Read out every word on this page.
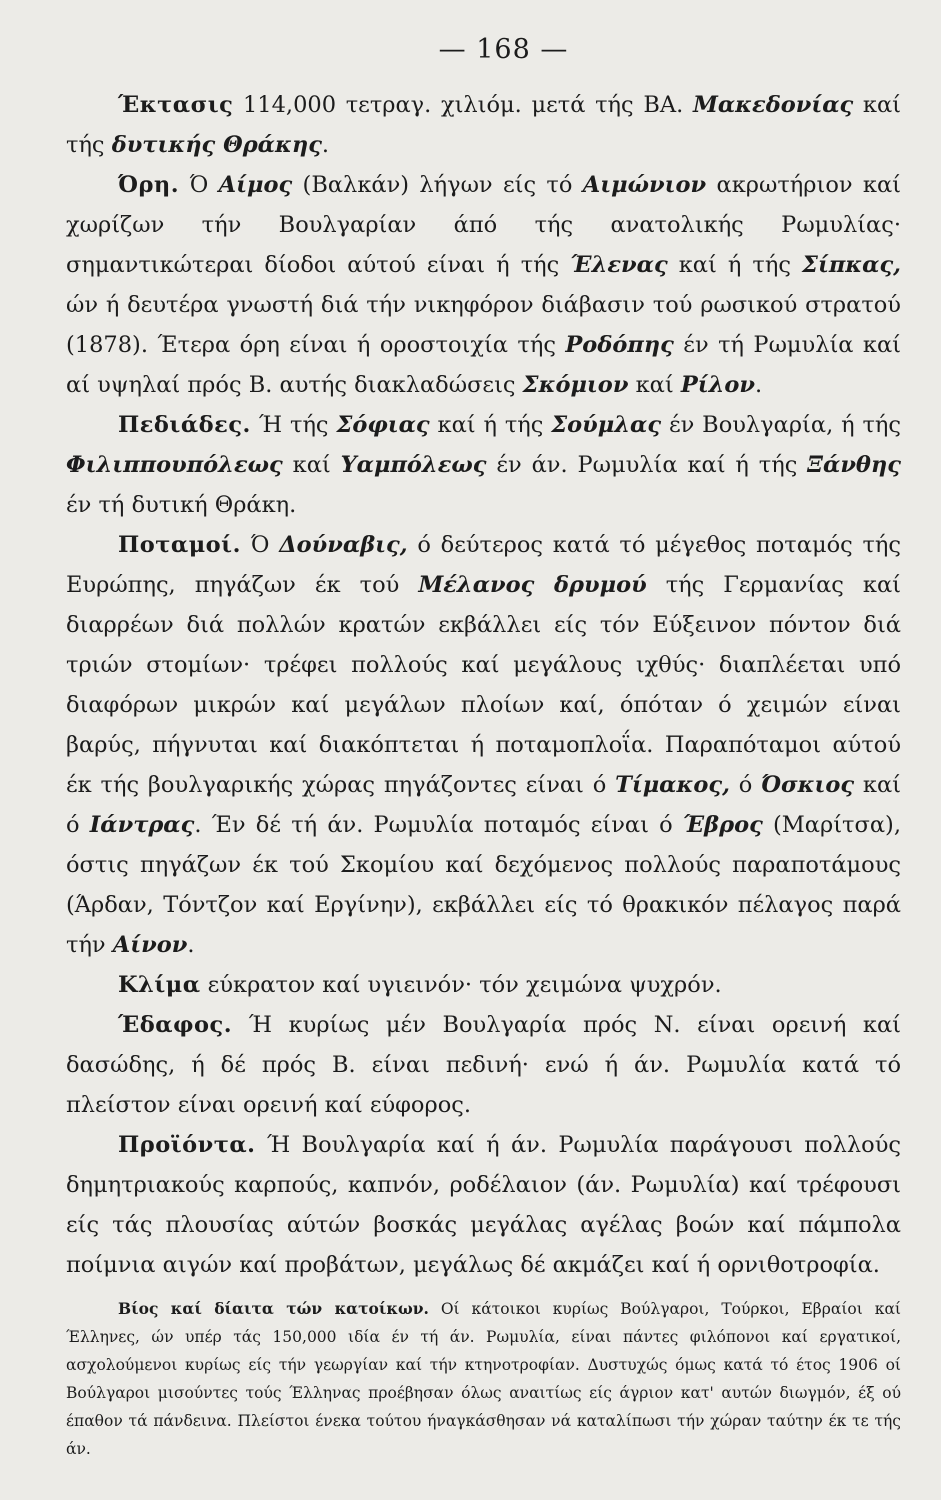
— 168 —

Έκτασις 114,000 τετραγ. χιλιόμ. μετά τής ΒΑ. Μακεδονίας καί τής δυτικής Θράκης.

Όρη. Ό Αίμος (Βαλκάν) λήγων είς τό Αιμώνιον ακρωτήριον καί χωρίζων τήν Βουλγαρίαν άπό τής ανατολικής Ρωμυλίας· σημαντικώτεραι δίοδοι αύτού είναι ή τής Έλενας καί ή τής Σίπκας, ών ή δευτέρα γνωστή διά τήν νικηφόρον διάβασιν τού ρωσικού στρατού (1878). Έτερα όρη είναι ή οροστοιχία τής Ροδόπης έν τή Ρωμυλία καί αί υψηλαί πρός Β. αυτής διακλαδώσεις Σκόμιον καί Ρίλον.

Πεδιάδες. Ή τής Σόφιας καί ή τής Σούμλας έν Βουλγαρία, ή τής Φιλιππουπόλεως καί Υαμπόλεως έν άν. Ρωμυλία καί ή τής Ξάνθης έν τή δυτική Θράκη.

Ποταμοί. Ό Δούναβις, ό δεύτερος κατά τό μέγεθος ποταμός τής Ευρώπης, πηγάζων έκ τού Μέλανος δρυμού τής Γερμανίας καί διαρρέων διά πολλών κρατών εκβάλλει είς τόν Εύξεινον πόντον διά τριών στομίων· τρέφει πολλούς καί μεγάλους ιχθύς· διαπλέεται υπό διαφόρων μικρών καί μεγάλων πλοίων καί, όπόταν ό χειμών είναι βαρύς, πήγνυται καί διακόπτεται ή ποταμοπλοΐα. Παραπόταμοι αύτού έκ τής βουλγαρικής χώρας πηγάζοντες είναι ό Τίμακος, ό Όσκιος καί ό Ιάντρας. Έν δέ τή άν. Ρωμυλία ποταμός είναι ό Έβρος (Μαρίτσα), όστις πηγάζων έκ τού Σκομίου καί δεχόμενος πολλούς παραποτάμους (Άρδαν, Τόντζον καί Εργίνην), εκβάλλει είς τό θρακικόν πέλαγος παρά τήν Αίνον.

Κλίμα εύκρατον καί υγιεινόν· τόν χειμώνα ψυχρόν.

Έδαφος. Ή κυρίως μέν Βουλγαρία πρός Ν. είναι ορεινή καί δασώδης, ή δέ πρός Β. είναι πεδινή· ενώ ή άν. Ρωμυλία κατά τό πλείστον είναι ορεινή καί εύφορος.

Προϊόντα. Ή Βουλγαρία καί ή άν. Ρωμυλία παράγουσι πολλούς δημητριακούς καρπούς, καπνόν, ροδέλαιον (άν. Ρωμυλία) καί τρέφουσι είς τάς πλουσίας αύτών βοσκάς μεγάλας αγέλας βοών καί πάμπολα ποίμνια αιγών καί προβάτων, μεγάλως δέ ακμάζει καί ή ορνιθοτροφία.

Βίος καί δίαιτα τών κατοίκων. Οί κάτοικοι κυρίως Βούλγαροι, Τούρκοι, Εβραίοι καί Έλληνες, ών υπέρ τάς 150,000 ιδία έν τή άν. Ρωμυλία, είναι πάντες φιλόπονοι καί εργατικοί, ασχολούμενοι κυρίως είς τήν γεωργίαν καί τήν κτηνοτροφίαν. Δυστυχώς όμως κατά τό έτος 1906 οί Βούλγαροι μισούντες τούς Έλληνας προέβησαν όλως αναιτίως είς άγριον κατ' αυτών διωγμόν, έξ ού έπαθον τά πάνδεινα. Πλείστοι ένεκα τούτου ήναγκάσθησαν νά καταλίπωσι τήν χώραν ταύτην έκ τε τής άν.
